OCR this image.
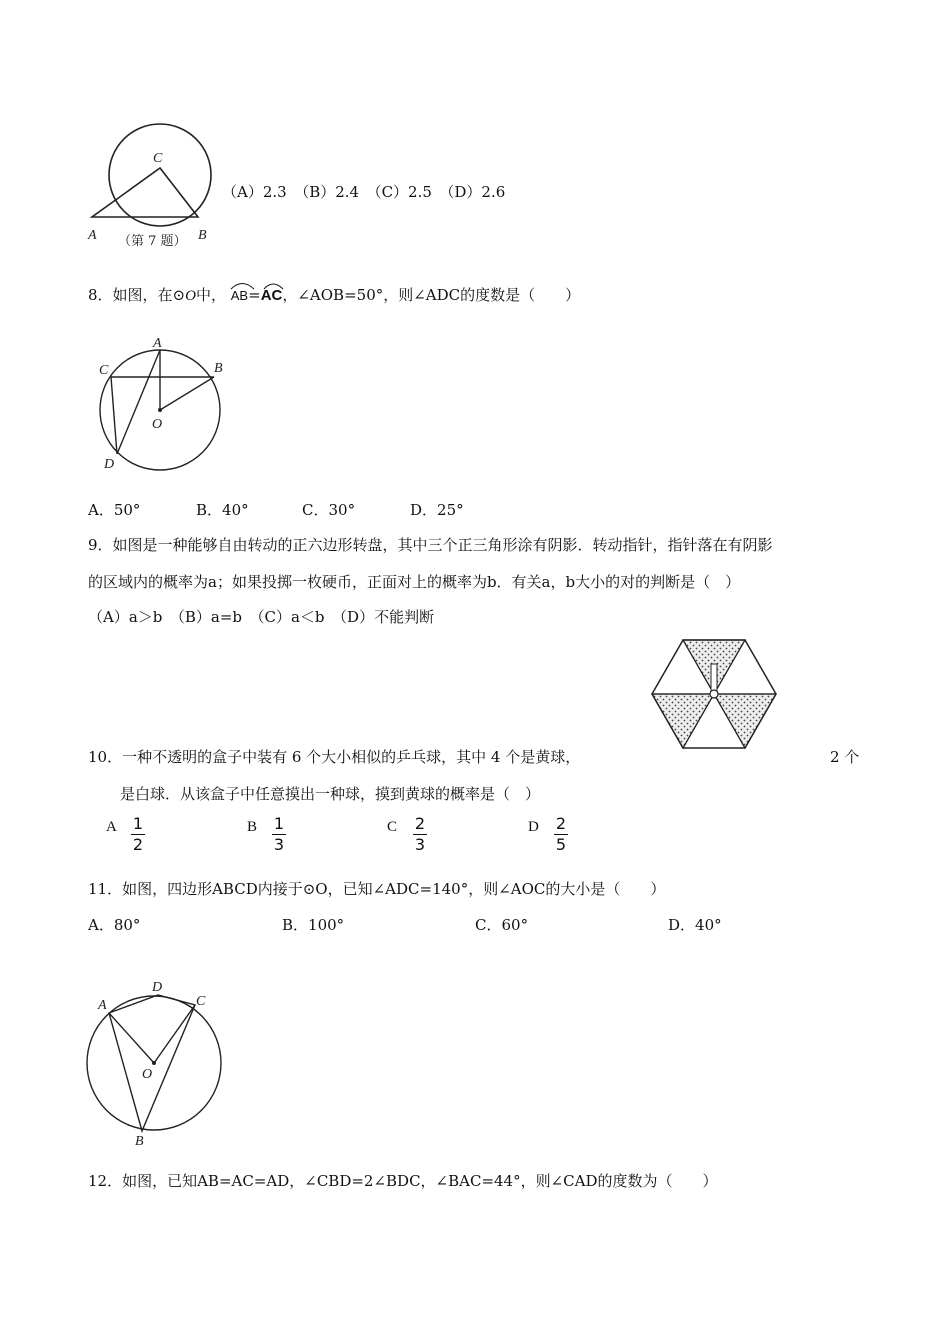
C
A	B
（第 7 题）
（A）2.3　（B）2.4　（C）2.5　（D）2.6
8．如图，在⊙O中， AB=
AC，∠AOB=50°，则∠ADC的度数是（　　）
A
B
C
D
O
A．50°	B．40°	C．30°	D．25°
9．如图是一种能够自由转动的正六边形转盘，其中三个正三角形涂有阴影．转动指针，指针落在有阴影
的区域内的概率为a；如果投掷一枚硬币，正面对上的概率为b．有关a，b大小的对的判断是（　）
（A）a＞b　（B）a=b　（C）a＜b　（D）不能判断
10．一种不透明的盒子中装有 6 个大小相似的乒乓球，其中 4 个是黄球，	2 个
是白球．从该盒子中任意摸出一种球，摸到黄球的概率是（　）
A 1
2
B 1
3
C 2
3
D 2
5
11．如图，四边形ABCD内接于⊙O，已知∠ADC=140°，则∠AOC的大小是（　　）
A．80°	B．100°	C．60°	D．40°
A
D
C
O
B
12．如图，已知AB=AC=AD，∠CBD=2∠BDC，∠BAC=44°，则∠CAD的度数为（　　）
